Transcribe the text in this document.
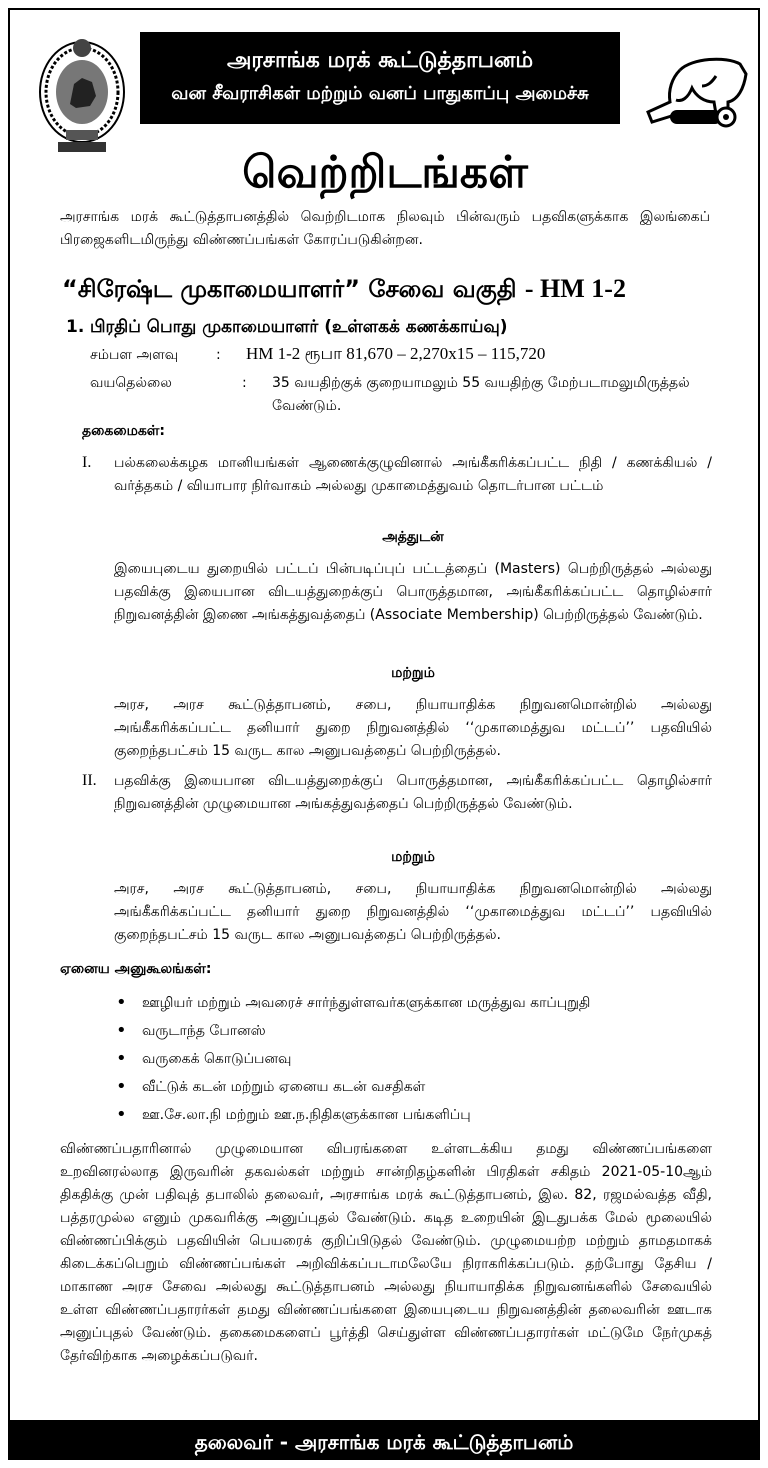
அரசாங்க மரக் கூட்டுத்தாபனம்
வன சீவராசிகள் மற்றும் வனப் பாதுகாப்பு அமைச்சு
வெற்றிடங்கள்
அரசாங்க மரக் கூட்டுத்தாபனத்தில் வெற்றிடமாக நிலவும் பின்வரும் பதவிகளுக்காக இலங்கைப் பிரஜைகளிடமிருந்து விண்ணப்பங்கள் கோரப்படுகின்றன.
“சிரேஷ்ட முகாமையாளர்” சேவை வகுதி - HM 1-2
1. பிரதிப் பொது முகாமையாளர் (உள்ளகக் கணக்காய்வு)
சம்பள அளவு	: HM 1-2 ரூபா 81,670 – 2,270x15 – 115,720
வயதெல்லை	: 35 வயதிற்குக் குறையாமலும் 55 வயதிற்கு மேற்படாமலுமிருத்தல் வேண்டும்.
தகைமைகள்:
I. பல்கலைக்கழக மானியங்கள் ஆணைக்குழுவினால் அங்கீகரிக்கப்பட்ட நிதி / கணக்கியல் / வர்த்தகம் / வியாபார நிர்வாகம் அல்லது முகாமைத்துவம் தொடர்பான பட்டம்
அத்துடன்
இயைபுடைய துறையில் பட்டப் பின்படிப்புப் பட்டத்தைப் (Masters) பெற்றிருத்தல் அல்லது பதவிக்கு இயைபான விடயத்துறைக்குப் பொருத்தமான, அங்கீகரிக்கப்பட்ட தொழில்சார் நிறுவனத்தின் இணை அங்கத்துவத்தைப் (Associate Membership) பெற்றிருத்தல் வேண்டும்.
மற்றும்
அரச, அரச கூட்டுத்தாபனம், சபை, நியாயாதிக்க நிறுவனமொன்றில் அல்லது அங்கீகரிக்கப்பட்ட தனியார் துறை நிறுவனத்தில் ‘‘முகாமைத்துவ மட்டப்’’ பதவியில் குறைந்தபட்சம் 15 வருட கால அனுபவத்தைப் பெற்றிருத்தல்.
II. பதவிக்கு இயைபான விடயத்துறைக்குப் பொருத்தமான, அங்கீகரிக்கப்பட்ட தொழில்சார் நிறுவனத்தின் முழுமையான அங்கத்துவத்தைப் பெற்றிருத்தல் வேண்டும்.
மற்றும்
அரச, அரச கூட்டுத்தாபனம், சபை, நியாயாதிக்க நிறுவனமொன்றில் அல்லது அங்கீகரிக்கப்பட்ட தனியார் துறை நிறுவனத்தில் ‘‘முகாமைத்துவ மட்டப்’’ பதவியில் குறைந்தபட்சம் 15 வருட கால அனுபவத்தைப் பெற்றிருத்தல்.
ஏனைய அனுகூலங்கள்:
• ஊழியர் மற்றும் அவரைச் சார்ந்துள்ளவர்களுக்கான மருத்துவ காப்புறுதி
• வருடாந்த போனஸ்
• வருகைக் கொடுப்பனவு
• வீட்டுக் கடன் மற்றும் ஏனைய கடன் வசதிகள்
• ஊ.சே.லா.நி மற்றும் ஊ.ந.நிதிகளுக்கான பங்களிப்பு
விண்ணப்பதாரினால் முழுமையான விபரங்களை உள்ளடக்கிய தமது விண்ணப்பங்களை உறவினரல்லாத இருவரின் தகவல்கள் மற்றும் சான்றிதழ்களின் பிரதிகள் சகிதம் 2021-05-10ஆம் திகதிக்கு முன் பதிவுத் தபாலில் தலைவர், அரசாங்க மரக் கூட்டுத்தாபனம், இல. 82, ரஜமல்வத்த வீதி, பத்தரமுல்ல எனும் முகவரிக்கு அனுப்புதல் வேண்டும். கடித உறையின் இடதுபக்க மேல் மூலையில் விண்ணப்பிக்கும் பதவியின் பெயரைக் குறிப்பிடுதல் வேண்டும். முழுமையற்ற மற்றும் தாமதமாகக் கிடைக்கப்பெறும் விண்ணப்பங்கள் அறிவிக்கப்படாமலேயே நிராகரிக்கப்படும். தற்போது தேசிய / மாகாண அரச சேவை அல்லது கூட்டுத்தாபனம் அல்லது நியாயாதிக்க நிறுவனங்களில் சேவையில் உள்ள விண்ணப்பதாரர்கள் தமது விண்ணப்பங்களை இயைபுடைய நிறுவனத்தின் தலைவரின் ஊடாக அனுப்புதல் வேண்டும். தகைமைகளைப் பூர்த்தி செய்துள்ள விண்ணப்பதாரர்கள் மட்டுமே நேர்முகத் தேர்விற்காக அழைக்கப்படுவர்.
தலைவர் - அரசாங்க மரக் கூட்டுத்தாபனம்
